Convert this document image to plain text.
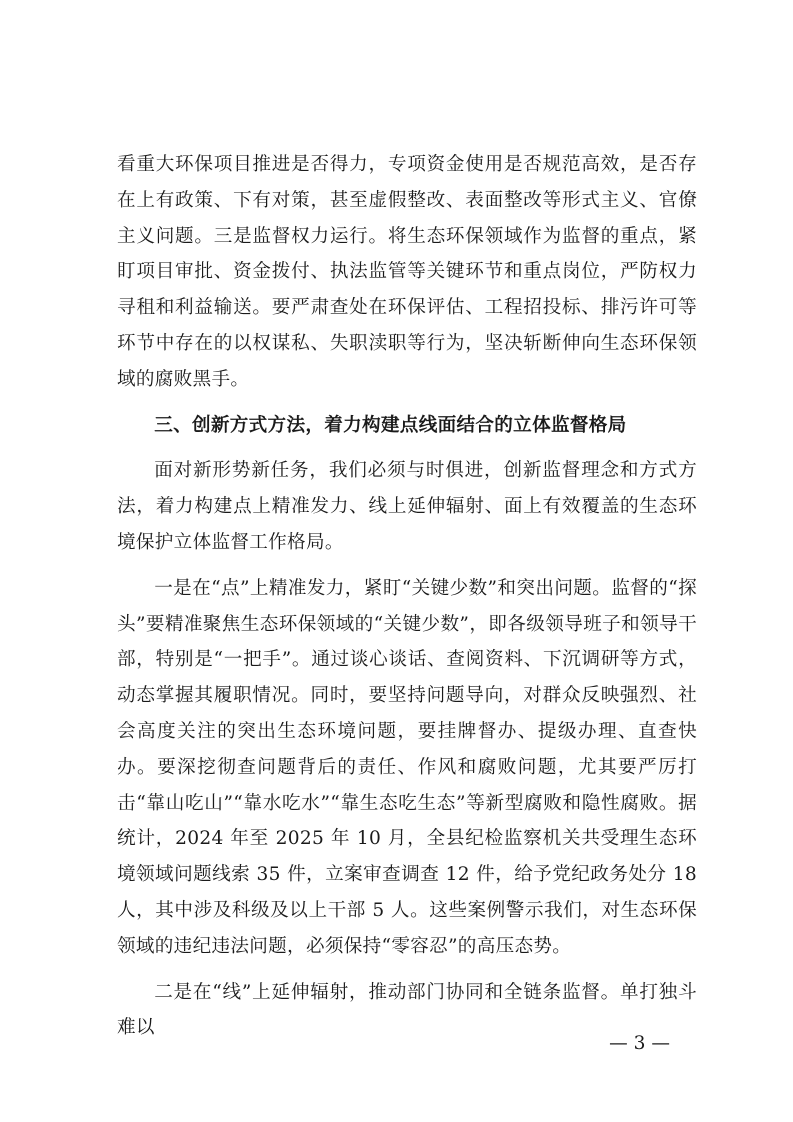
看重大环保项目推进是否得力，专项资金使用是否规范高效，是否存在上有政策、下有对策，甚至虚假整改、表面整改等形式主义、官僚主义问题。三是监督权力运行。将生态环保领域作为监督的重点，紧盯项目审批、资金拨付、执法监管等关键环节和重点岗位，严防权力寻租和利益输送。要严肃查处在环保评估、工程招投标、排污许可等环节中存在的以权谋私、失职渎职等行为，坚决斩断伸向生态环保领域的腐败黑手。

三、创新方式方法，着力构建点线面结合的立体监督格局

面对新形势新任务，我们必须与时俱进，创新监督理念和方式方法，着力构建点上精准发力、线上延伸辐射、面上有效覆盖的生态环境保护立体监督工作格局。

一是在“点”上精准发力，紧盯“关键少数”和突出问题。监督的“探头”要精准聚焦生态环保领域的“关键少数”，即各级领导班子和领导干部，特别是“一把手”。通过谈心谈话、查阅资料、下沉调研等方式，动态掌握其履职情况。同时，要坚持问题导向，对群众反映强烈、社会高度关注的突出生态环境问题，要挂牌督办、提级办理、直查快办。要深挖彻查问题背后的责任、作风和腐败问题，尤其要严厉打击“靠山吃山”“靠水吃水”“靠生态吃生态”等新型腐败和隐性腐败。据统计，2024 年至 2025 年 10 月，全县纪检监察机关共受理生态环境领域问题线索 35 件，立案审查调查 12 件，给予党纪政务处分 18 人，其中涉及科级及以上干部 5 人。这些案例警示我们，对生态环保领域的违纪违法问题，必须保持“零容忍”的高压态势。

二是在“线”上延伸辐射，推动部门协同和全链条监督。单打独斗难以

— 3 —
